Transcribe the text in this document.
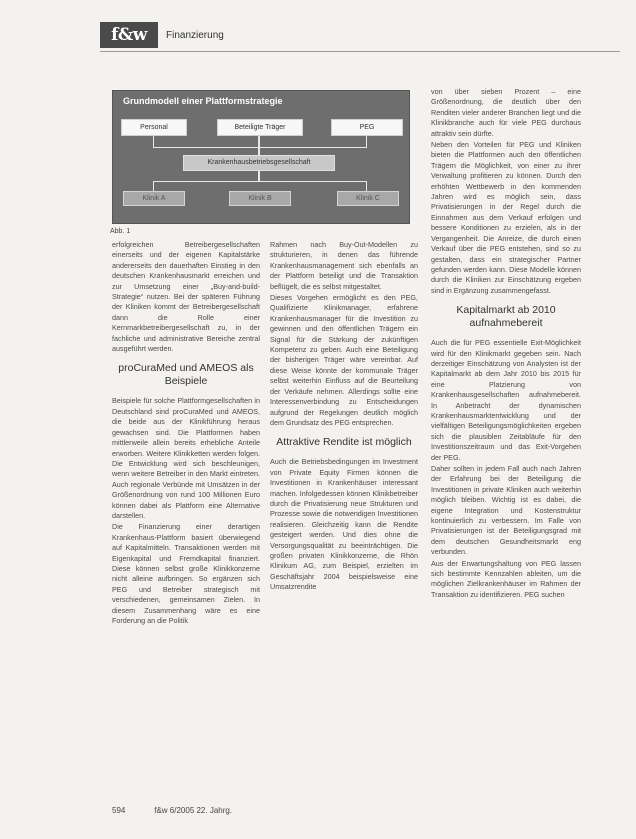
f&w	Finanzierung
Grundmodell einer Plattformstrategie
Personal	Beteiligte Träger	PEG
Krankenhausbetriebsgesellschaft
Klinik A	Klinik B	Klinik C
Abb. 1

erfolgreichen Betreibergesellschaften einerseits und der eigenen Kapitalstärke andererseits den dauerhaften Einstieg in den deutschen Krankenhausmarkt erreichen und zur Umsetzung einer „Buy-and-build-Strategie“ nutzen. Bei der späteren Führung der Kliniken kommt der Betreibergesellschaft dann die Rolle einer Kernmarkbetreibergesellschaft zu, in der fachliche und administrative Bereiche zentral ausgeführt werden.

proCuraMed und AMEOS als Beispiele

Beispiele für solche Plattformgesellschaften in Deutschland sind proCuraMed und AMEOS, die beide aus der Klinikführung heraus gewachsen sind. Die Plattformen haben mittlerweile allein bereits erhebliche Anteile erworben. Weitere Klinikketten werden folgen. Die Entwicklung wird sich beschleunigen, wenn weitere Betreiber in den Markt eintreten. Auch regionale Verbünde mit Umsätzen in der Größenordnung von rund 100 Millionen Euro können dabei als Plattform eine Alternative darstellen.

Die Finanzierung einer derartigen Krankenhaus-Plattform basiert überwiegend auf Kapitalmitteln. Transaktionen werden mit Eigenkapital und Fremdkapital finanziert. Diese können selbst große Klinikkonzerne nicht alleine aufbringen. So ergänzen sich PEG und Betreiber strategisch mit verschiedenen, gemeinsamen Zielen. In diesem Zusammenhang wäre es eine Forderung an die Politik

Rahmen nach Buy-Out-Modellen zu strukturieren, in denen das führende Krankenhausmanagement sich ebenfalls an der Plattform beteiligt und die Transaktion beflügelt, die es selbst mitgestaltet.

Dieses Vorgehen ermöglicht es den PEG, Qualifizierte Klinikmanager, erfahrene Krankenhausmanager für die Investition zu gewinnen und den öffentlichen Trägern ein Signal für die Stärkung der zukünftigen Kompetenz zu geben. Auch eine Beteiligung der bisherigen Träger wäre vereinbar. Auf diese Weise könnte der kommunale Träger selbst weiterhin Einfluss auf die Beurteilung der Verkäufe nehmen. Allerdings sollte eine Interessenverbindung zu Entscheidungen aufgrund der Regelungen deutlich möglich dem Grundsatz des PEG entsprechen.

Attraktive Rendite ist möglich

Auch die Betriebsbedingungen im Investment von Private Equity Firmen können die Investitionen in Krankenhäuser interessant machen. Infolgedessen können Klinikbetreiber durch die Privatisierung neue Strukturen und Prozesse sowie die notwendigen Investitionen realisieren. Gleichzeitig kann die Rendite gesteigert werden. Und dies ohne die Versorgungsqualität zu beeinträchtigen. Die großen privaten Klinikkonzerne, die Rhön Klinikum AG, zum Beispiel, erzielten im Geschäftsjahr 2004 beispielsweise eine Umsatzrendite

von über sieben Prozent – eine Größenordnung, die deutlich über den Renditen vieler anderer Branchen liegt und die Klinikbranche auch für viele PEG durchaus attraktiv sein dürfte.

Neben den Vorteilen für PEG und Kliniken bieten die Plattformen auch den öffentlichen Trägern die Möglichkeit, von einer zu ihrer Verwaltung profitieren zu können. Durch den erhöhten Wettbewerb in den kommenden Jahren wird es möglich sein, dass Privatisierungen in der Regel durch die Einnahmen aus dem Verkauf erfolgen und bessere Konditionen zu erzielen, als in der Vergangenheit. Die Anreize, die durch einen Verkauf über die PEG entstehen, sind so zu gestalten, dass ein strategischer Partner gefunden werden kann. Diese Modelle können durch die Kliniken zur Einschätzung ergeben sind in Ergänzung zusammengefasst.

Kapitalmarkt ab 2010 aufnahmebereit

Auch die für PEG essentielle Exit-Möglichkeit wird für den Klinikmarkt gegeben sein. Nach derzeitiger Einschätzung von Analysten ist der Kapitalmarkt ab dem Jahr 2010 bis 2015 für eine Platzierung von Krankenhausgesellschaften aufnahmebereit. In Anbetracht der dynamischen Krankenhausmarktentwicklung und der vielfältigen Beteiligungsmöglichkeiten ergeben sich die plausiblen Zeitabläufe für den Investitionszeitraum und das Exit-Vorgehen der PEG.

Daher sollten in jedem Fall auch nach Jahren der Erfahrung bei der Beteiligung die Investitionen in private Kliniken auch weiterhin möglich bleiben. Wichtig ist es dabei, die eigene Integration und Kostenstruktur kontinuierlich zu verbessern. Im Falle von Privatisierungen ist der Beteiligungsgrad mit dem deutschen Gesundheitsmarkt eng verbunden.

Aus der Erwartungshaltung von PEG lassen sich bestimmte Kennzahlen ableiten, um die möglichen Zielkrankenhäuser im Rahmen der Transaktion zu identifizieren. PEG suchen

594	f&w 6/2005 22. Jahrg.
